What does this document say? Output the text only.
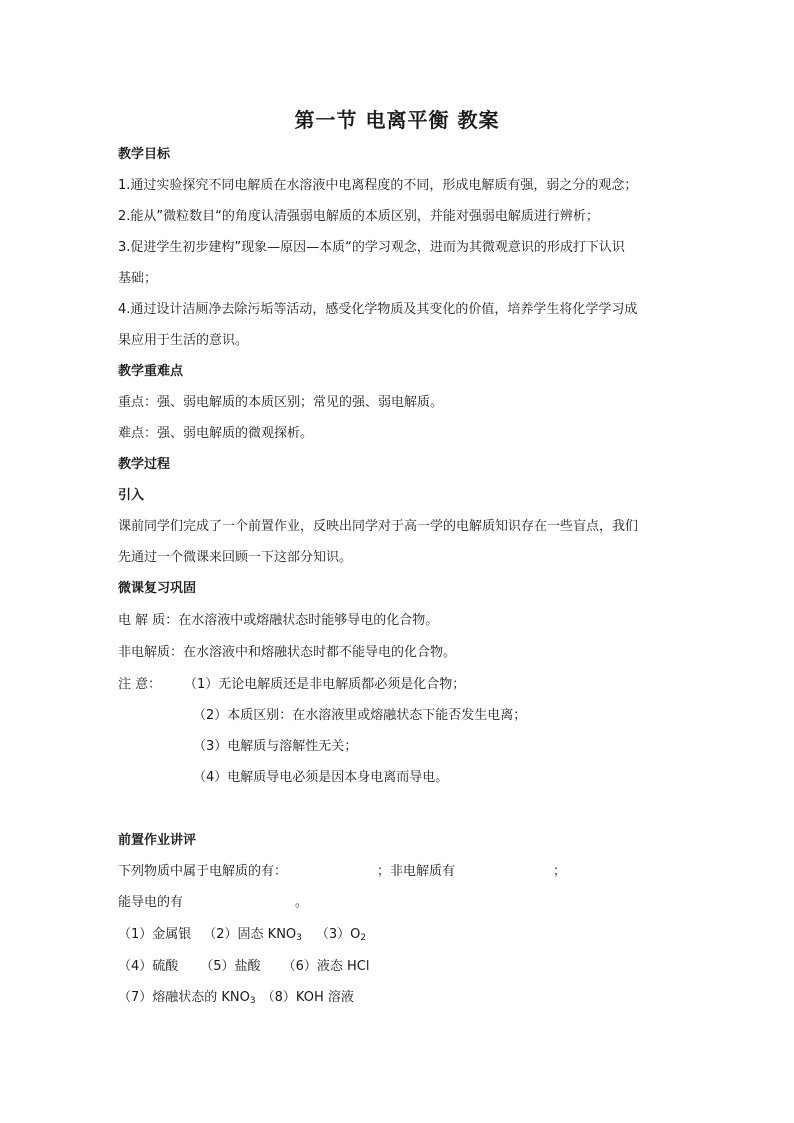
第一节 电离平衡 教案
教学目标
1.通过实验探究不同电解质在水溶液中电离程度的不同，形成电解质有强，弱之分的观念；
2.能从”微粒数目“的角度认清强弱电解质的本质区别，并能对强弱电解质进行辨析；
3.促进学生初步建构”现象—原因—本质“的学习观念，进而为其微观意识的形成打下认识
基础；
4.通过设计洁厕净去除污垢等活动，感受化学物质及其变化的价值，培养学生将化学学习成
果应用于生活的意识。
教学重难点
重点：强、弱电解质的本质区别；常见的强、弱电解质。
难点：强、弱电解质的微观探析。
教学过程
引入
课前同学们完成了一个前置作业，反映出同学对于高一学的电解质知识存在一些盲点，我们
先通过一个微课来回顾一下这部分知识。
微课复习巩固
电 解 质：在水溶液中或熔融状态时能够导电的化合物。
非电解质：在水溶液中和熔融状态时都不能导电的化合物。
注 意： （1）无论电解质还是非电解质都必须是化合物；
（2）本质区别：在水溶液里或熔融状态下能否发生电离；
（3）电解质与溶解性无关；
（4）电解质导电必须是因本身电离而导电。
前置作业讲评
下列物质中属于电解质的有：	；非电解质有	；
能导电的有	。
（1）金属银 （2）固态 $KNO_3$ $(3)O_2$
（4）硫酸 （5）盐酸 （6）液态 HCl
（7）熔融状态的 $KNO_3$ （8）KOH 溶液
